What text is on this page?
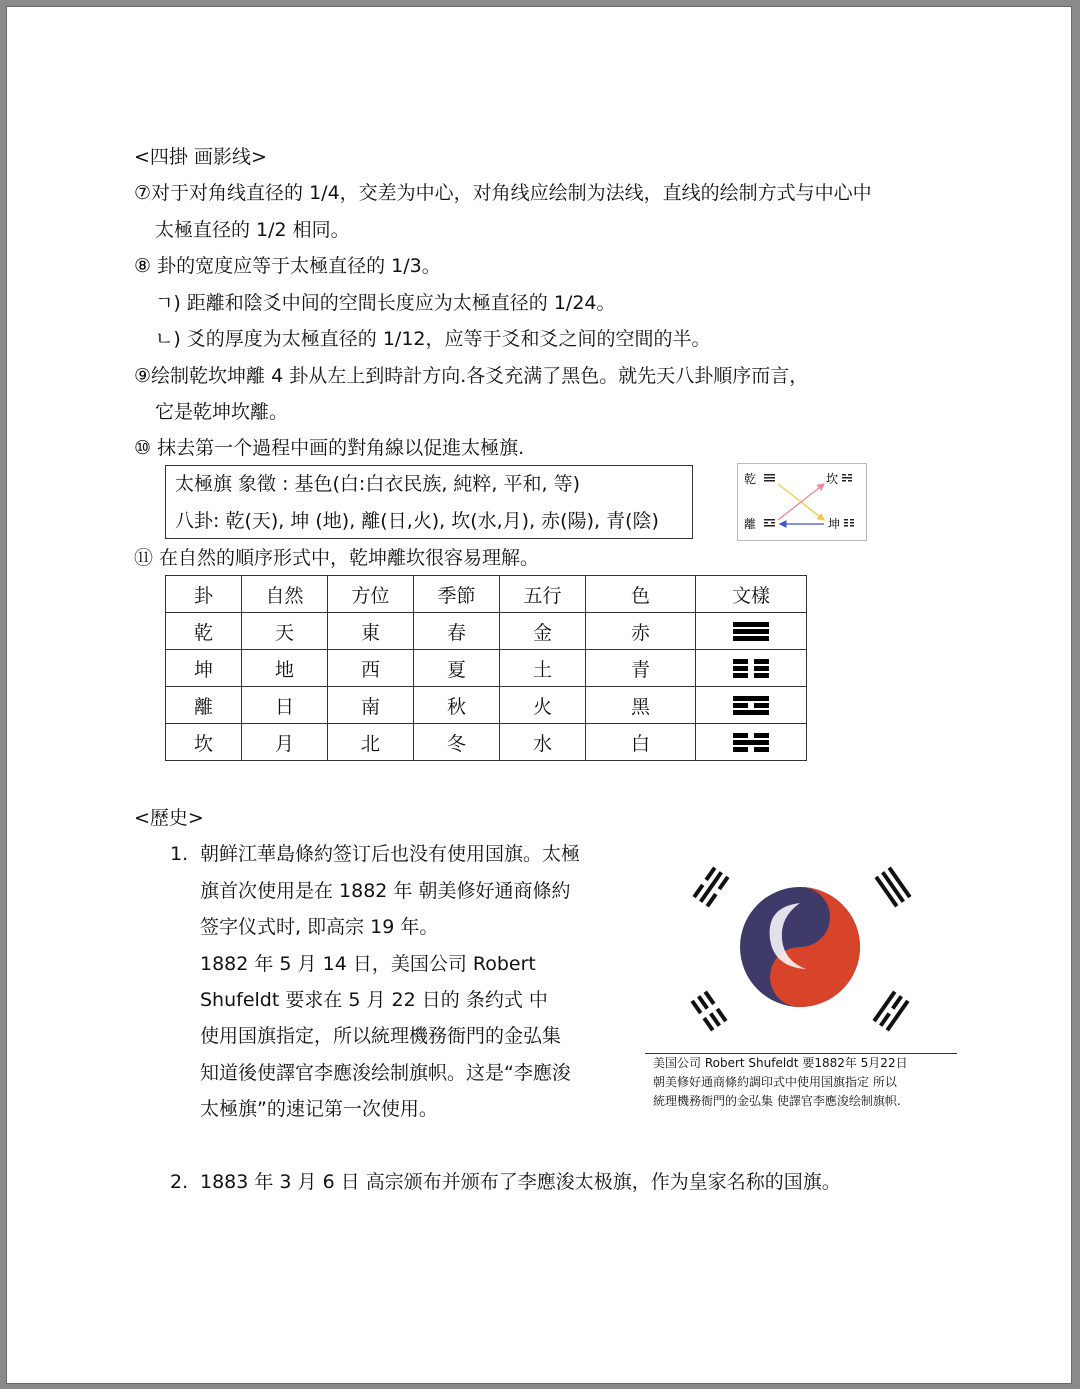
<四掛 画影线>
⑦对于对角线直径的 1/4，交差为中心，对角线应绘制为法线，直线的绘制方式与中心中
太極直径的 1/2 相同。
⑧ 卦的宽度应等于太極直径的 1/3。
ㄱ) 距離和陰爻中间的空間长度应为太極直径的 1/24。
ㄴ) 爻的厚度为太極直径的 1/12，应等于爻和爻之间的空間的半。
⑨绘制乾坎坤離 4 卦从左上到時計方向.各爻充满了黑色。就先天八卦順序而言，
它是乾坤坎離。
⑩ 抹去第一个過程中画的對角線以促進太極旗.
太極旗 象徵 : 基色(白:白衣民族, 純粹, 平和, 等)
八卦: 乾(天), 坤 (地), 離(日,火), 坎(水,月), 赤(陽), 青(陰)
乾	坎
離	坤
⑪ 在自然的順序形式中，乾坤離坎很容易理解。
卦	自然	方位	季節	五行	色	文樣
乾	天	東	春	金	赤	

坤	地	西	夏	土	青	

離	日	南	秋	火	黑	

坎	月	北	冬	水	白	
<歷史>
1. 朝鲜江華島條約签订后也没有使用国旗。太極
旗首次使用是在 1882 年 朝美修好通商條約
签字仪式时, 即高宗 19 年。
1882 年 5 月 14 日，美国公司 Robert
Shufeldt 要求在 5 月 22 日的 条约式 中
使用国旗指定，所以統理機務衙門的金弘集
知道後使譯官李應浚绘制旗帜。这是“李應浚
太極旗”的速记第一次使用。
2. 1883 年 3 月 6 日 高宗颁布并颁布了李應浚太极旗，作为皇家名称的国旗。
美国公司 Robert Shufeldt 要1882年 5月22日
朝美修好通商條約調印式中使用国旗指定 所以
統理機務衙門的金弘集 使譯官李應浚绘制旗帜.
